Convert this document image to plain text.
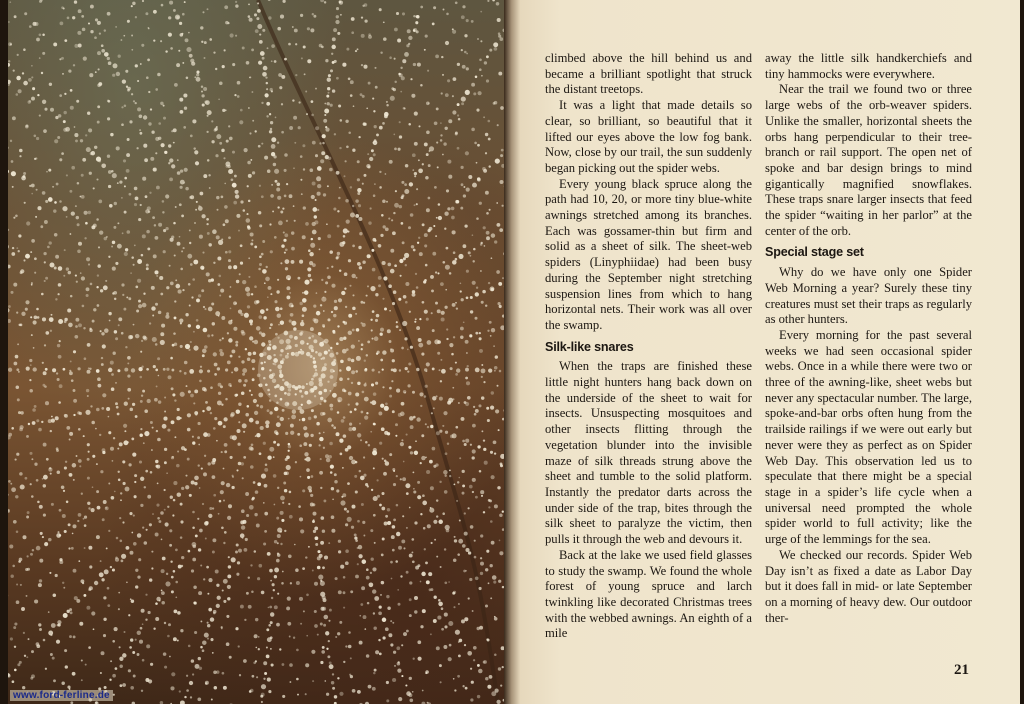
www.ford-ferline.de

climbed above the hill behind us and became a brilliant spotlight that struck the distant treetops.

It was a light that made details so clear, so brilliant, so beautiful that it lifted our eyes above the low fog bank. Now, close by our trail, the sun suddenly began picking out the spider webs.

Every young black spruce along the path had 10, 20, or more tiny blue-white awnings stretched among its branches. Each was gossamer-thin but firm and solid as a sheet of silk. The sheet-web spiders (Linyphiidae) had been busy during the September night stretching suspension lines from which to hang horizontal nets. Their work was all over the swamp.

Silk-like snares

When the traps are finished these little night hunters hang back down on the underside of the sheet to wait for insects. Unsuspecting mosquitoes and other insects flitting through the vegetation blunder into the invisible maze of silk threads strung above the sheet and tumble to the solid platform. Instantly the predator darts across the under side of the trap, bites through the silk sheet to paralyze the victim, then pulls it through the web and devours it.

Back at the lake we used field glasses to study the swamp. We found the whole forest of young spruce and larch twinkling like decorated Christmas trees with the webbed awnings. An eighth of a mile

away the little silk handkerchiefs and tiny hammocks were everywhere.

Near the trail we found two or three large webs of the orb-weaver spiders. Unlike the smaller, horizontal sheets the orbs hang perpendicular to their tree-branch or rail support. The open net of spoke and bar design brings to mind gigantically magnified snowflakes. These traps snare larger insects that feed the spider “waiting in her parlor” at the center of the orb.

Special stage set

Why do we have only one Spider Web Morning a year? Surely these tiny creatures must set their traps as regularly as other hunters.

Every morning for the past several weeks we had seen occasional spider webs. Once in a while there were two or three of the awning-like, sheet webs but never any spectacular number. The large, spoke-and-bar orbs often hung from the trailside railings if we were out early but never were they as perfect as on Spider Web Day. This observation led us to speculate that there might be a special stage in a spider’s life cycle when a universal need prompted the whole spider world to full activity; like the urge of the lemmings for the sea.

We checked our records. Spider Web Day isn’t as fixed a date as Labor Day but it does fall in mid- or late September on a morning of heavy dew. Our outdoor ther-

21
